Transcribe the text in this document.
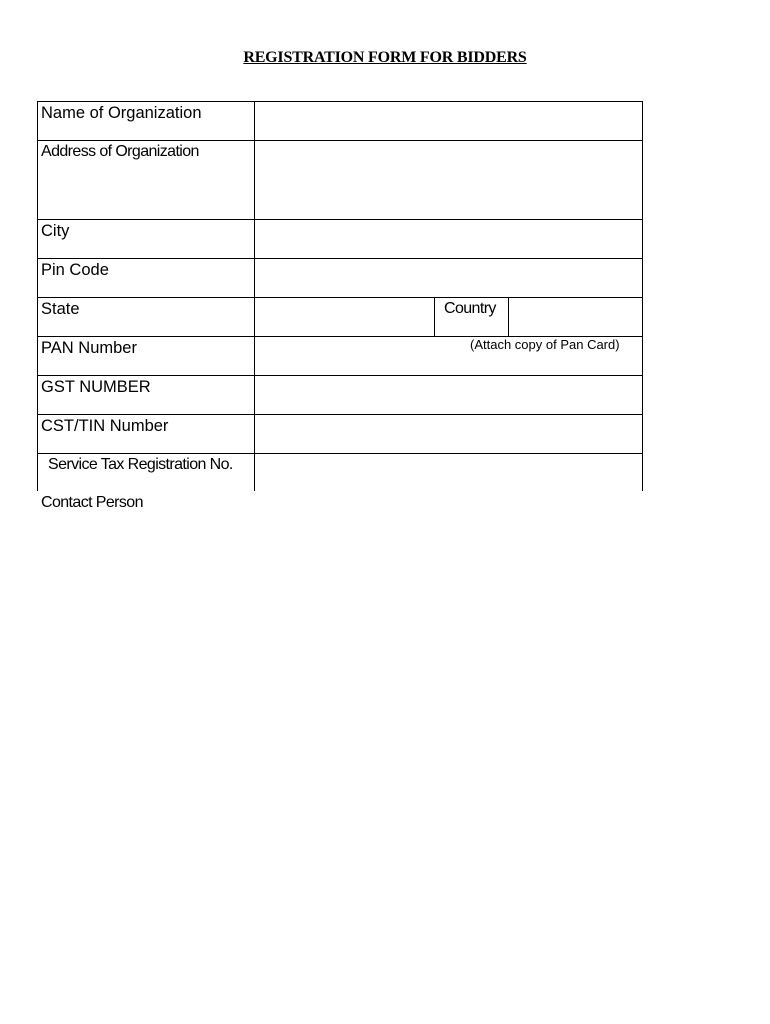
REGISTRATION FORM FOR BIDDERS
Name of Organization
Address of Organization
City
Pin Code
State	Country
PAN Number	(Attach copy of Pan Card)
GST NUMBER
CST/TIN Number
Service Tax Registration No.
Contact Person
